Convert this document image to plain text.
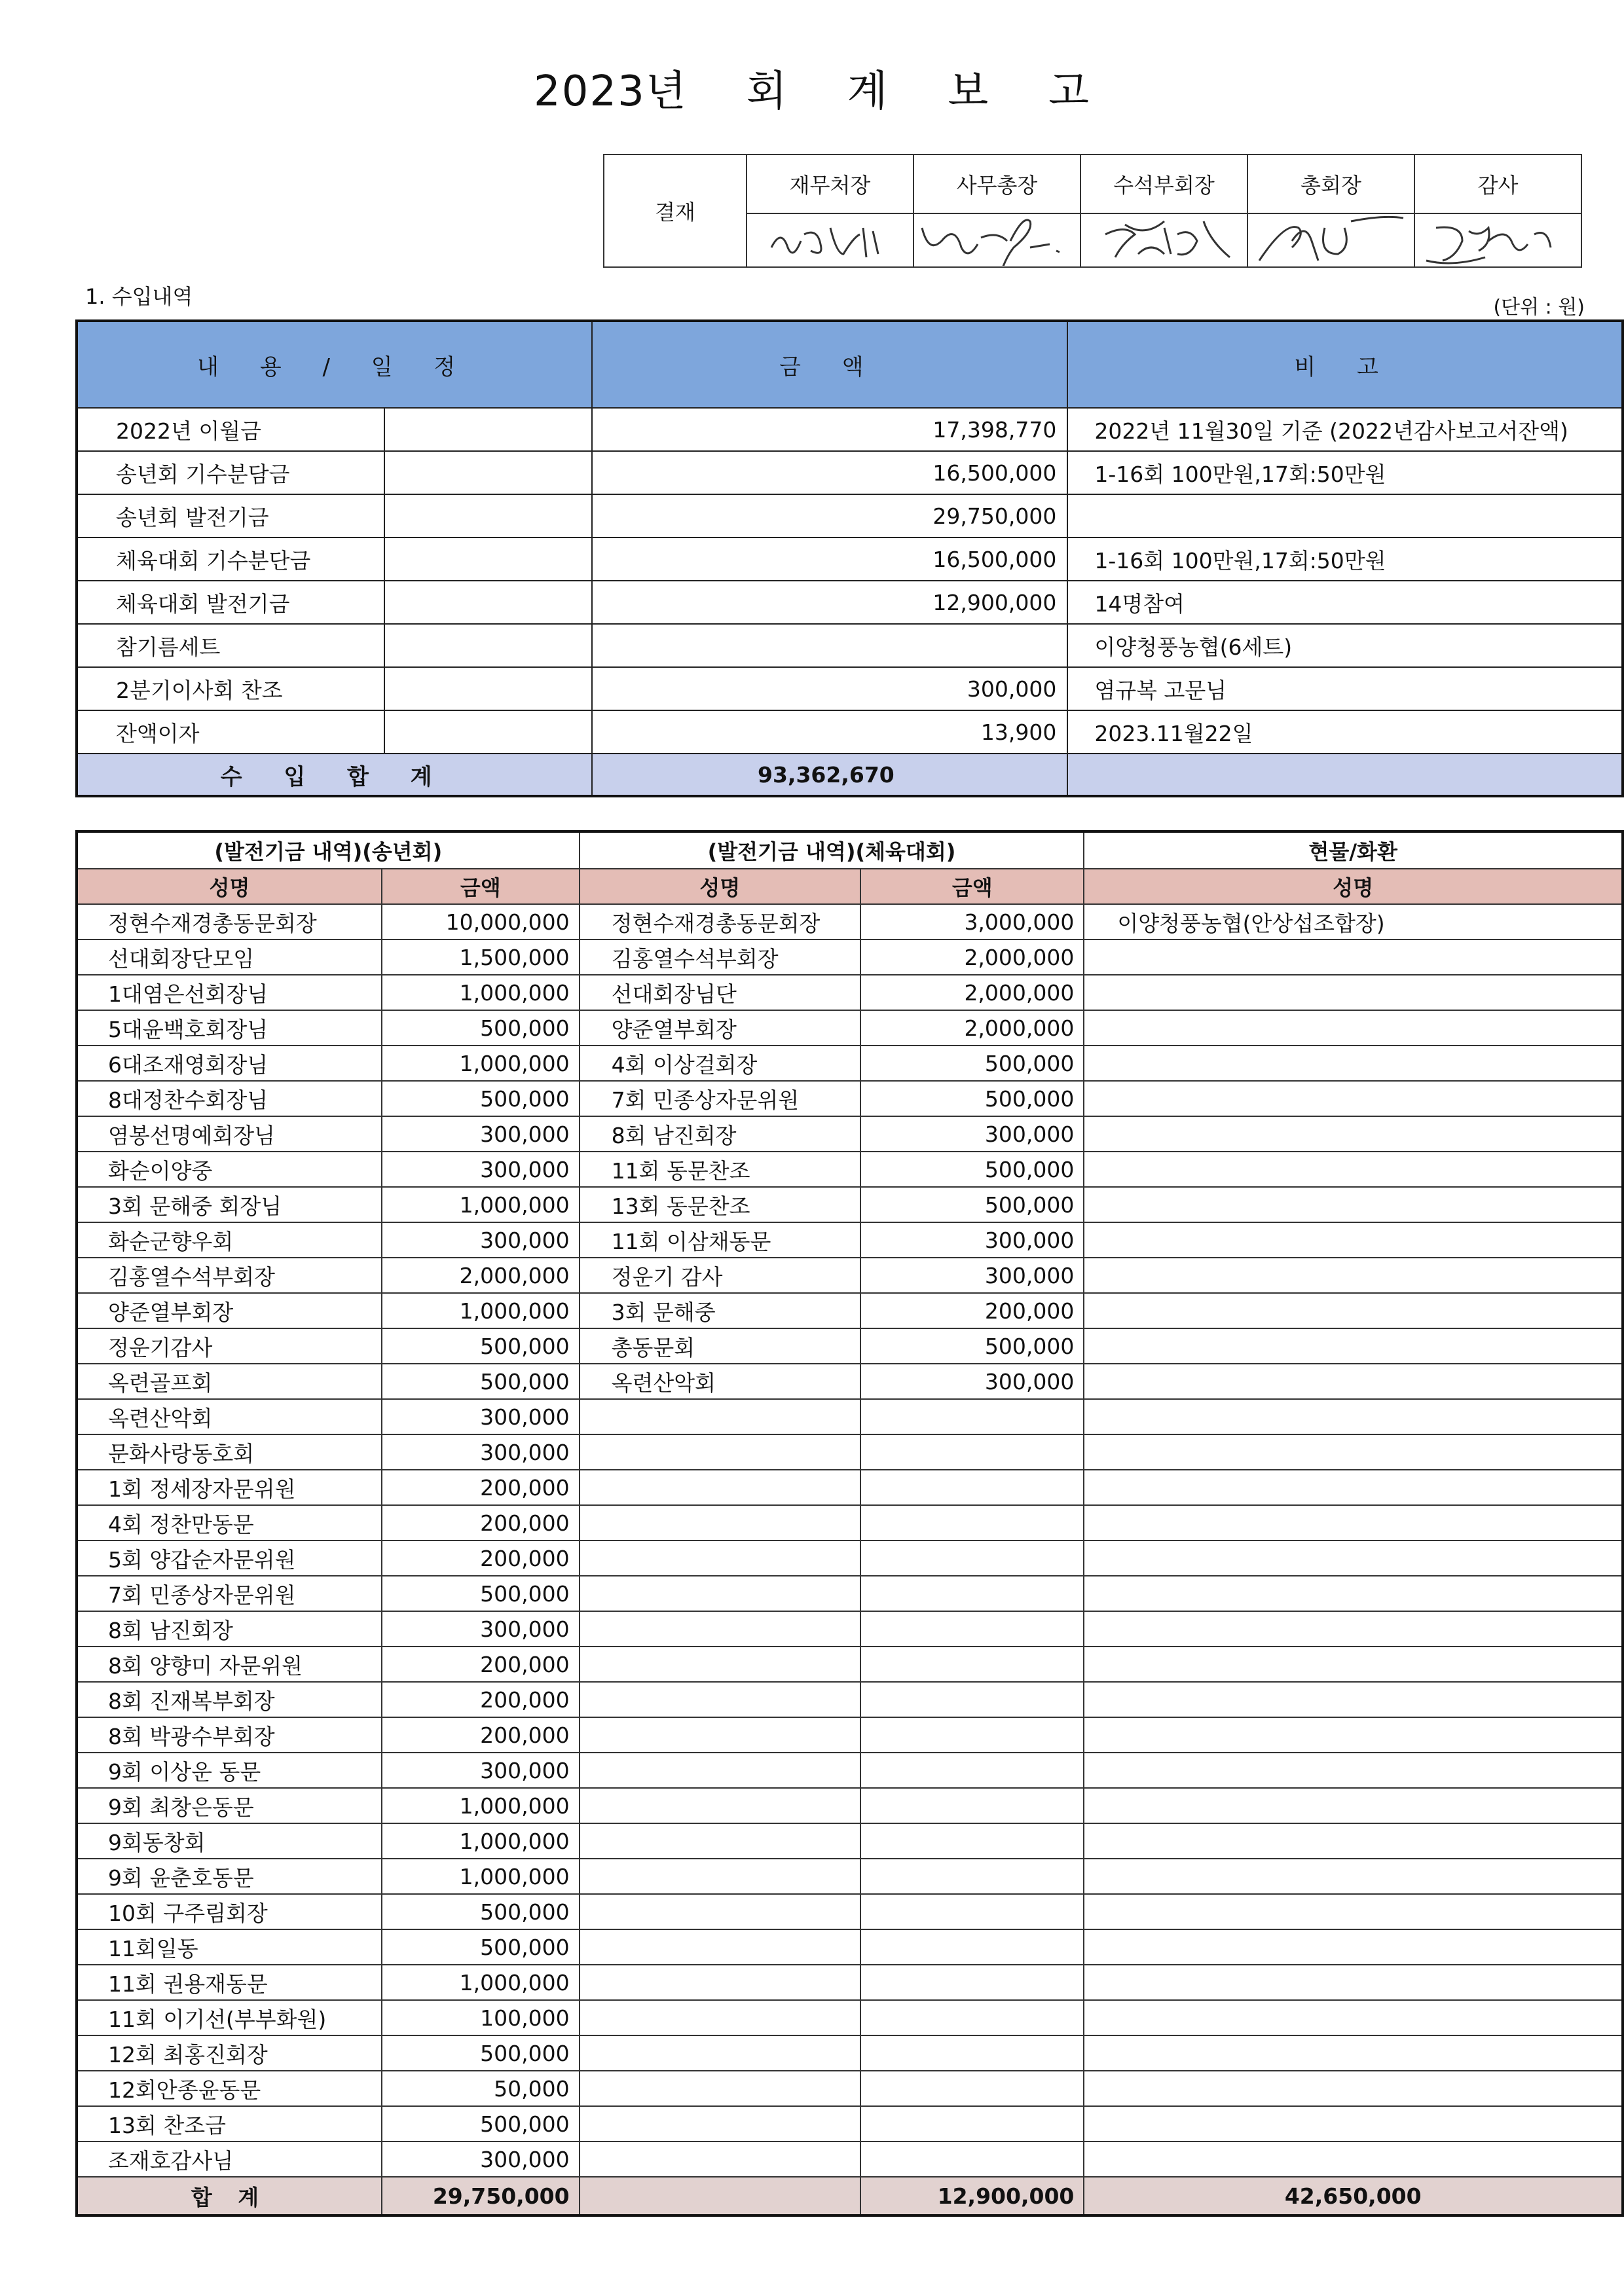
2023년 회 계 보 고
결재	재무처장	사무총장	수석부회장	총회장	감사

1. 수입내역	(단위 : 원)
내 용 / 일 정		금 액	비 고
2022년 이월금		17,398,770	2022년 11월30일 기준 (2022년감사보고서잔액)
송년회 기수분담금		16,500,000	1-16회 100만원,17회:50만원
송년회 발전기금		29,750,000	
체육대회 기수분단금		16,500,000	1-16회 100만원,17회:50만원
체육대회 발전기금		12,900,000	14명참여
참기름세트			이양청풍농협(6세트)
2분기이사회 찬조		300,000	염규복 고문님
잔액이자		13,900	2023.11월22일
수 입 합 계		93,362,670	
(발전기금 내역)(송년회)		(발전기금 내역)(체육대회)		현물/화환
성명	금액	성명	금액	성명
정현수재경총동문회장	10,000,000	정현수재경총동문회장	3,000,000	이양청풍농협(안상섭조합장)
선대회장단모임	1,500,000	김홍열수석부회장	2,000,000	
1대염은선회장님	1,000,000	선대회장님단	2,000,000	
5대윤백호회장님	500,000	양준열부회장	2,000,000	
6대조재영회장님	1,000,000	4회 이상걸회장	500,000	
8대정찬수회장님	500,000	7회 민종상자문위원	500,000	
염봉선명예회장님	300,000	8회 남진회장	300,000	
화순이양중	300,000	11회 동문찬조	500,000	
3회 문해중 회장님	1,000,000	13회 동문찬조	500,000	
화순군향우회	300,000	11회 이삼채동문	300,000	
김홍열수석부회장	2,000,000	정운기 감사	300,000	
양준열부회장	1,000,000	3회 문해중	200,000	
정운기감사	500,000	총동문회	500,000	
옥련골프회	500,000	옥련산악회	300,000	
옥련산악회	300,000			
문화사랑동호회	300,000			
1회 정세장자문위원	200,000			
4회 정찬만동문	200,000			
5회 양갑순자문위원	200,000			
7회 민종상자문위원	500,000			
8회 남진회장	300,000			
8회 양향미 자문위원	200,000			
8회 진재복부회장	200,000			
8회 박광수부회장	200,000			
9회 이상운 동문	300,000			
9회 최창은동문	1,000,000			
9회동창회	1,000,000			
9회 윤춘호동문	1,000,000			
10회 구주림회장	500,000			
11회일동	500,000			
11회 권용재동문	1,000,000			
11회 이기선(부부화원)	100,000			
12회 최홍진회장	500,000			
12회안종윤동문	50,000			
13회 찬조금	500,000			
조재호감사님	300,000			
합 계	29,750,000		12,900,000	42,650,000
